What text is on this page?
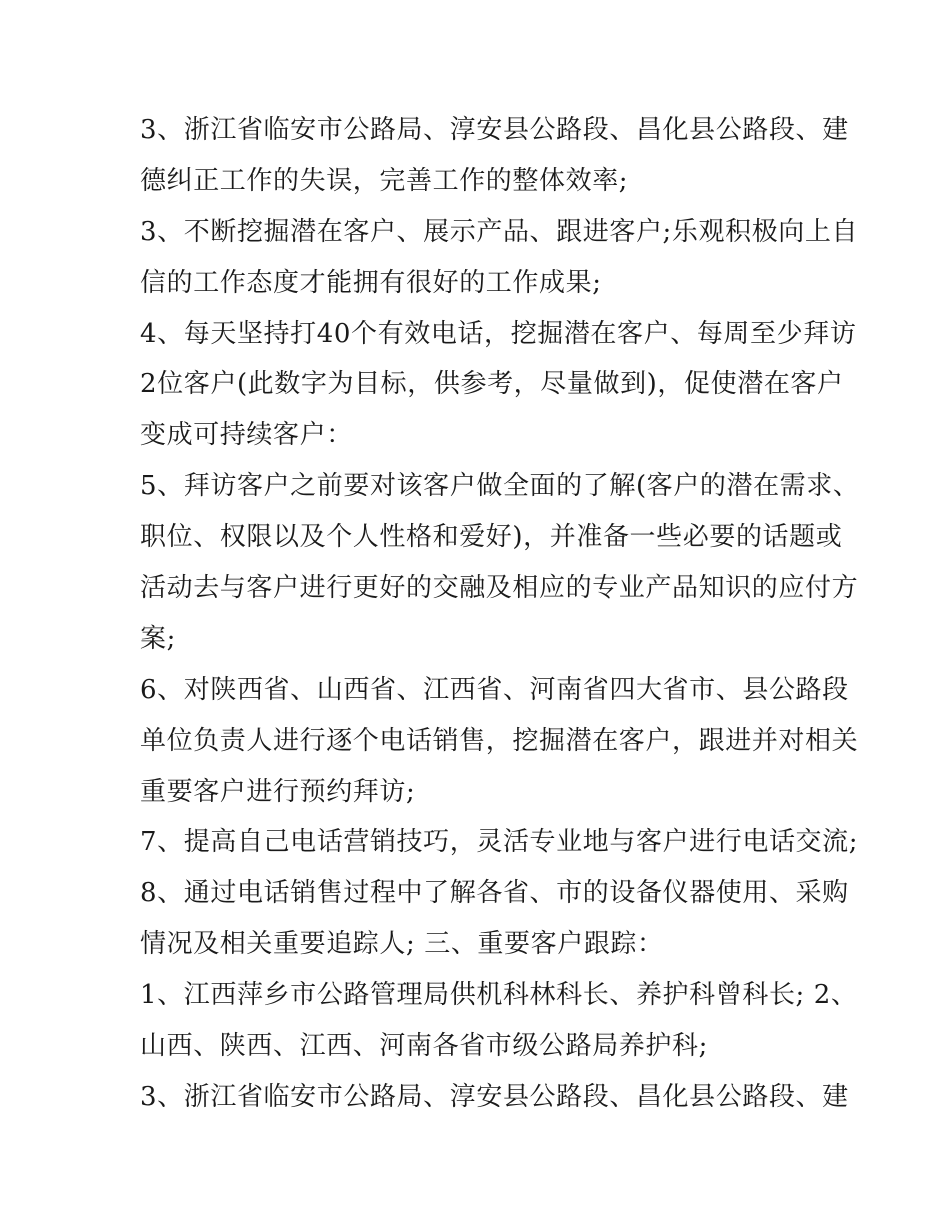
3、浙江省临安市公路局、淳安县公路段、昌化县公路段、建
德纠正工作的失误，完善工作的整体效率;
3、不断挖掘潜在客户、展示产品、跟进客户;乐观积极向上自
信的工作态度才能拥有很好的工作成果;
4、每天坚持打40个有效电话，挖掘潜在客户、每周至少拜访
2位客户(此数字为目标，供参考，尽量做到)，促使潜在客户
变成可持续客户：
5、拜访客户之前要对该客户做全面的了解(客户的潜在需求、
职位、权限以及个人性格和爱好)，并准备一些必要的话题或
活动去与客户进行更好的交融及相应的专业产品知识的应付方
案;
6、对陕西省、山西省、江西省、河南省四大省市、县公路段
单位负责人进行逐个电话销售，挖掘潜在客户，跟进并对相关
重要客户进行预约拜访;
7、提高自己电话营销技巧，灵活专业地与客户进行电话交流;
8、通过电话销售过程中了解各省、市的设备仪器使用、采购
情况及相关重要追踪人; 三、重要客户跟踪：
1、江西萍乡市公路管理局供机科林科长、养护科曾科长; 2、
山西、陕西、江西、河南各省市级公路局养护科;
3、浙江省临安市公路局、淳安县公路段、昌化县公路段、建
